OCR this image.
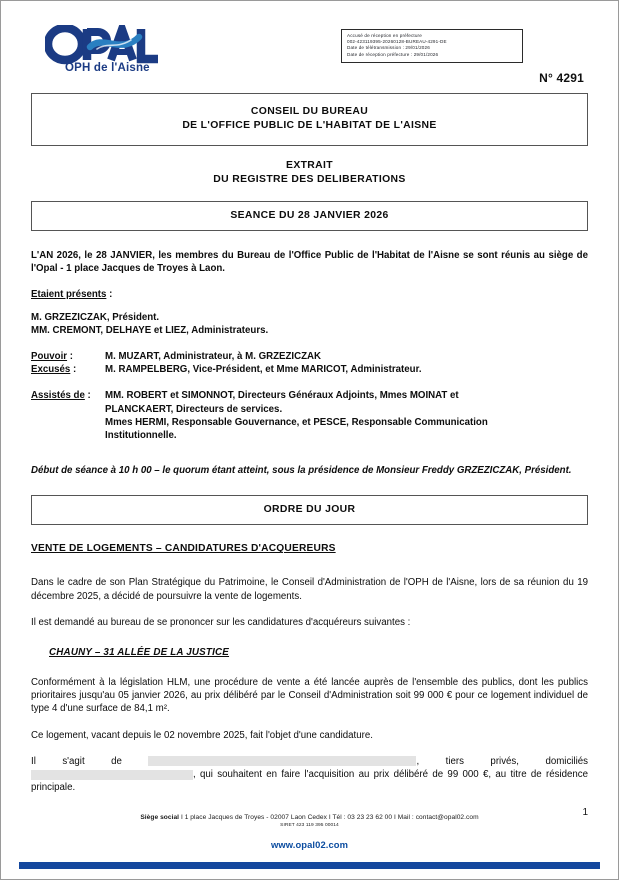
OPH de l'Aisne
Accusé de réception en préfecture
002-423119395-20260128-BUREAU-4291-DE
Date de télétransmission : 29/01/2026
Date de réception préfecture : 29/01/2026
N° 4291
CONSEIL DU BUREAU
DE L'OFFICE PUBLIC DE L'HABITAT DE L'AISNE
EXTRAIT
DU REGISTRE DES DELIBERATIONS
SEANCE DU 28 JANVIER 2026

L'AN 2026, le 28 JANVIER, les membres du Bureau de l'Office Public de l'Habitat de l'Aisne se sont réunis au siège de l'Opal - 1 place Jacques de Troyes à Laon.

Etaient présents :
M. GRZEZICZAK, Président.
MM. CREMONT, DELHAYE et LIEZ, Administrateurs.
Pouvoir :	M. MUZART, Administrateur, à M. GRZEZICZAK
Excusés :	M. RAMPELBERG, Vice-Président, et Mme MARICOT, Administrateur.
Assistés de :	MM. ROBERT et SIMONNOT, Directeurs Généraux Adjoints, Mmes MOINAT et
PLANCKAERT, Directeurs de services.
Mmes HERMI, Responsable Gouvernance, et PESCE, Responsable Communication
Institutionnelle.
Début de séance à 10 h 00 – le quorum étant atteint, sous la présidence de Monsieur Freddy GRZEZICZAK, Président.
ORDRE DU JOUR
VENTE DE LOGEMENTS – CANDIDATURES D'ACQUEREURS

Dans le cadre de son Plan Stratégique du Patrimoine, le Conseil d'Administration de l'OPH de l'Aisne, lors de sa réunion du 19 décembre 2025, a décidé de poursuivre la vente de logements.

Il est demandé au bureau de se prononcer sur les candidatures d'acquéreurs suivantes :

CHAUNY – 31 ALLÉE DE LA JUSTICE

Conformément à la législation HLM, une procédure de vente a été lancée auprès de l'ensemble des publics, dont les publics prioritaires jusqu'au 05 janvier 2026, au prix délibéré par le Conseil d'Administration soit 99 000 € pour ce logement individuel de type 4 d'une surface de 84,1 m².

Ce logement, vacant depuis le 02 novembre 2025, fait l'objet d'une candidature.

Il s'agit de	, tiers privés, domiciliés , qui souhaitent en faire l'acquisition au prix délibéré de 99 000 €, au titre de résidence principale.

1
Siège social I 1 place Jacques de Troyes - 02007 Laon Cedex I Tél : 03 23 23 62 00 I Mail : contact@opal02.com
SIRET 423 119 395 00014
www.opal02.com
